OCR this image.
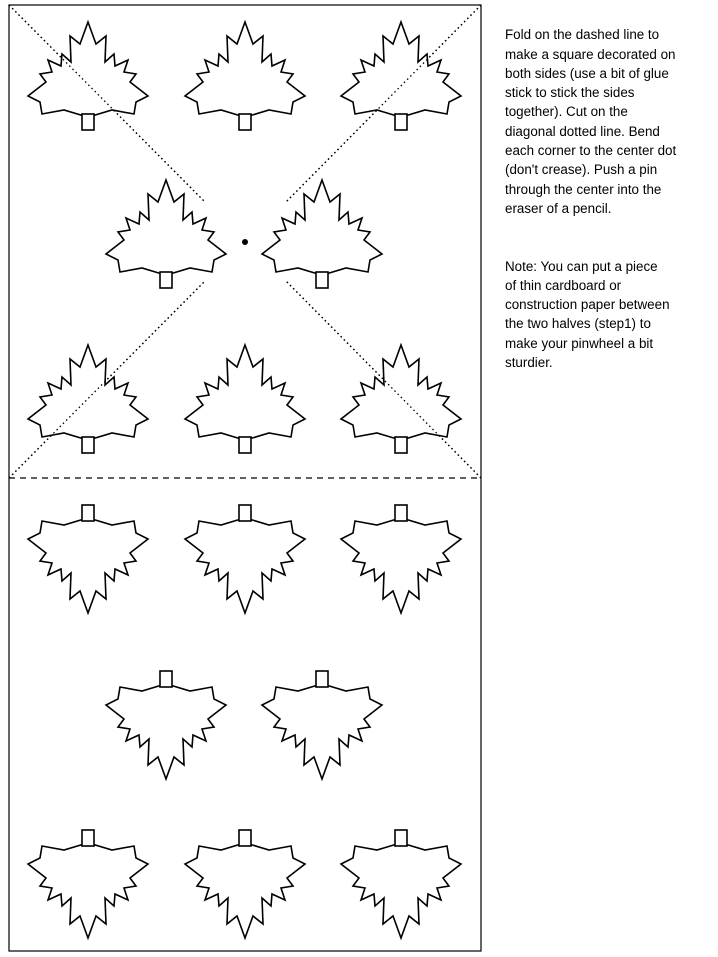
Fold on the dashed line to
make a square decorated on
both sides (use a bit of glue
stick to stick the sides
together). Cut on the
diagonal dotted line. Bend
each corner to the center dot
(don't crease). Push a pin
through the center into the
eraser of a pencil.

Note: You can put a piece
of thin cardboard or
construction paper between
the two halves (step1) to
make your pinwheel a bit
sturdier.
